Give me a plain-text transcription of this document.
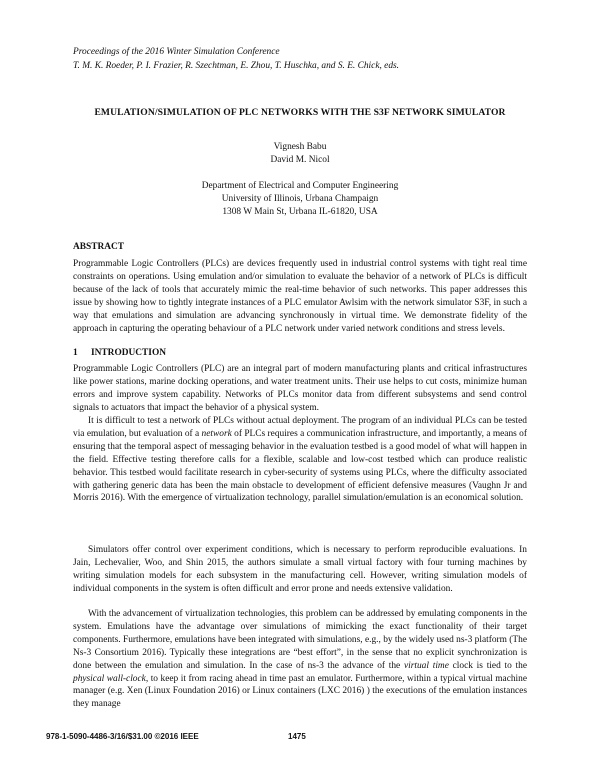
Proceedings of the 2016 Winter Simulation Conference
T. M. K. Roeder, P. I. Frazier, R. Szechtman, E. Zhou, T. Huschka, and S. E. Chick, eds.
EMULATION/SIMULATION OF PLC NETWORKS WITH THE S3F NETWORK SIMULATOR
Vignesh Babu
David M. Nicol
Department of Electrical and Computer Engineering
University of Illinois, Urbana Champaign
1308 W Main St, Urbana IL-61820, USA
ABSTRACT

Programmable Logic Controllers (PLCs) are devices frequently used in industrial control systems with tight real time constraints on operations. Using emulation and/or simulation to evaluate the behavior of a network of PLCs is difficult because of the lack of tools that accurately mimic the real-time behavior of such networks. This paper addresses this issue by showing how to tightly integrate instances of a PLC emulator Awlsim with the network simulator S3F, in such a way that emulations and simulation are advancing synchronously in virtual time. We demonstrate fidelity of the approach in capturing the operating behaviour of a PLC network under varied network conditions and stress levels.

1 INTRODUCTION

Programmable Logic Controllers (PLC) are an integral part of modern manufacturing plants and critical infrastructures like power stations, marine docking operations, and water treatment units. Their use helps to cut costs, minimize human errors and improve system capability. Networks of PLCs monitor data from different subsystems and send control signals to actuators that impact the behavior of a physical system.

It is difficult to test a network of PLCs without actual deployment. The program of an individual PLCs can be tested via emulation, but evaluation of a network of PLCs requires a communication infrastructure, and importantly, a means of ensuring that the temporal aspect of messaging behavior in the evaluation testbed is a good model of what will happen in the field. Effective testing therefore calls for a flexible, scalable and low-cost testbed which can produce realistic behavior. This testbed would facilitate research in cyber-security of systems using PLCs, where the difficulty associated with gathering generic data has been the main obstacle to development of efficient defensive measures (Vaughn Jr and Morris 2016). With the emergence of virtualization technology, parallel simulation/emulation is an economical solution.

Simulators offer control over experiment conditions, which is necessary to perform reproducible evaluations. In Jain, Lechevalier, Woo, and Shin 2015, the authors simulate a small virtual factory with four turning machines by writing simulation models for each subsystem in the manufacturing cell. However, writing simulation models of individual components in the system is often difficult and error prone and needs extensive validation.

With the advancement of virtualization technologies, this problem can be addressed by emulating components in the system. Emulations have the advantage over simulations of mimicking the exact functionality of their target components. Furthermore, emulations have been integrated with simulations, e.g., by the widely used ns-3 platform (The Ns-3 Consortium 2016). Typically these integrations are “best effort”, in the sense that no explicit synchronization is done between the emulation and simulation. In the case of ns-3 the advance of the virtual time clock is tied to the physical wall-clock, to keep it from racing ahead in time past an emulator. Furthermore, within a typical virtual machine manager (e.g. Xen (Linux Foundation 2016) or Linux containers (LXC 2016) ) the executions of the emulation instances they manage

978-1-5090-4486-3/16/$31.00 ©2016 IEEE	1475
